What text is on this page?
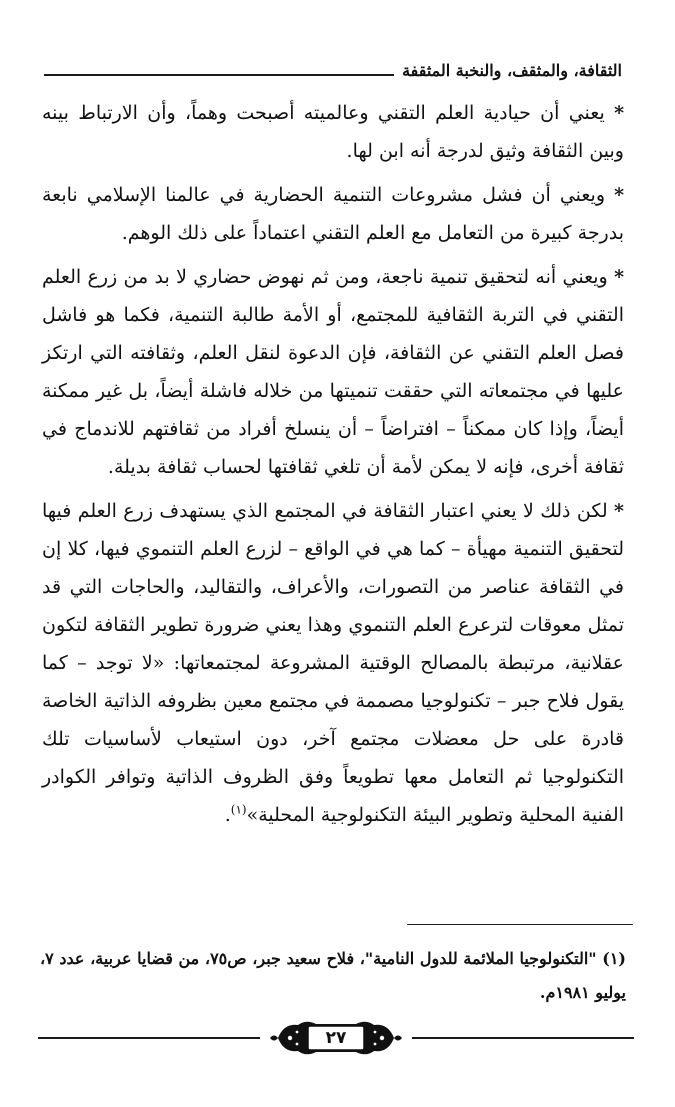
الثقافة، والمثقف، والنخبة المثقفة

* يعني أن حيادية العلم التقني وعالميته أصبحت وهماً، وأن الارتباط بينه وبين الثقافة وثيق لدرجة أنه ابن لها.

* ويعني أن فشل مشروعات التنمية الحضارية في عالمنا الإسلامي نابعة بدرجة كبيرة من التعامل مع العلم التقني اعتماداً على ذلك الوهم.

* ويعني أنه لتحقيق تنمية ناجعة، ومن ثم نهوض حضاري لا بد من زرع العلم التقني في التربة الثقافية للمجتمع، أو الأمة طالبة التنمية، فكما هو فاشل فصل العلم التقني عن الثقافة، فإن الدعوة لنقل العلم، وثقافته التي ارتكز عليها في مجتمعاته التي حققت تنميتها من خلاله فاشلة أيضاً، بل غير ممكنة أيضاً، وإذا كان ممكناً – افتراضاً – أن ينسلخ أفراد من ثقافتهم للاندماج في ثقافة أخرى، فإنه لا يمكن لأمة أن تلغي ثقافتها لحساب ثقافة بديلة.

* لكن ذلك لا يعني اعتبار الثقافة في المجتمع الذي يستهدف زرع العلم فيها لتحقيق التنمية مهيأة – كما هي في الواقع – لزرع العلم التنموي فيها، كلا إن في الثقافة عناصر من التصورات، والأعراف، والتقاليد، والحاجات التي قد تمثل معوقات لترعرع العلم التنموي وهذا يعني ضرورة تطوير الثقافة لتكون عقلانية، مرتبطة بالمصالح الوقتية المشروعة لمجتمعاتها: «لا توجد – كما يقول فلاح جبر – تكنولوجيا مصممة في مجتمع معين بظروفه الذاتية الخاصة قادرة على حل معضلات مجتمع آخر، دون استيعاب لأساسيات تلك التكنولوجيا ثم التعامل معها تطويعاً وفق الظروف الذاتية وتوافر الكوادر الفنية المحلية وتطوير البيئة التكنولوجية المحلية»$^{(١)}$.

(١) "التكنولوجيا الملائمة للدول النامية"، فلاح سعيد جبر، ص٧٥، من قضايا عربية، عدد ٧، يوليو ١٩٨١م.

٢٧
